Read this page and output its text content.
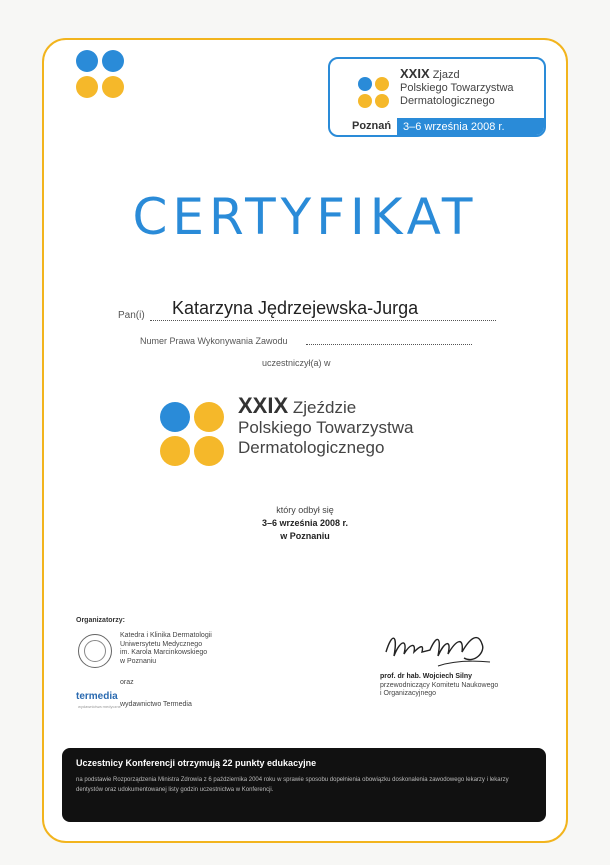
XXIX Zjazd
Polskiego Towarzystwa
Dermatologicznego
Poznań	3–6 września 2008 r.
CERTYFIKAT
Pan(i) Katarzyna Jędrzejewska-Jurga
Numer Prawa Wykonywania Zawodu
uczestniczył(a) w
XXIX Zjeździe
Polskiego Towarzystwa
Dermatologicznego
który odbył się
3–6 września 2008 r.
w Poznaniu
Organizatorzy:
Katedra i Klinika Dermatologii
Uniwersytetu Medycznego
im. Karola Marcinkowskiego
w Poznaniu
oraz
termedia
wydawnictwa medyczne wydawnictwo Termedia
prof. dr hab. Wojciech Silny
przewodniczący Komitetu Naukowego
i Organizacyjnego
Uczestnicy Konferencji otrzymują 22 punkty edukacyjne
na podstawie Rozporządzenia Ministra Zdrowia z 6 października 2004 roku w sprawie sposobu dopełnienia obowiązku doskonalenia zawodowego lekarzy i lekarzy dentystów oraz udokumentowanej listy godzin uczestnictwa w Konferencji.
